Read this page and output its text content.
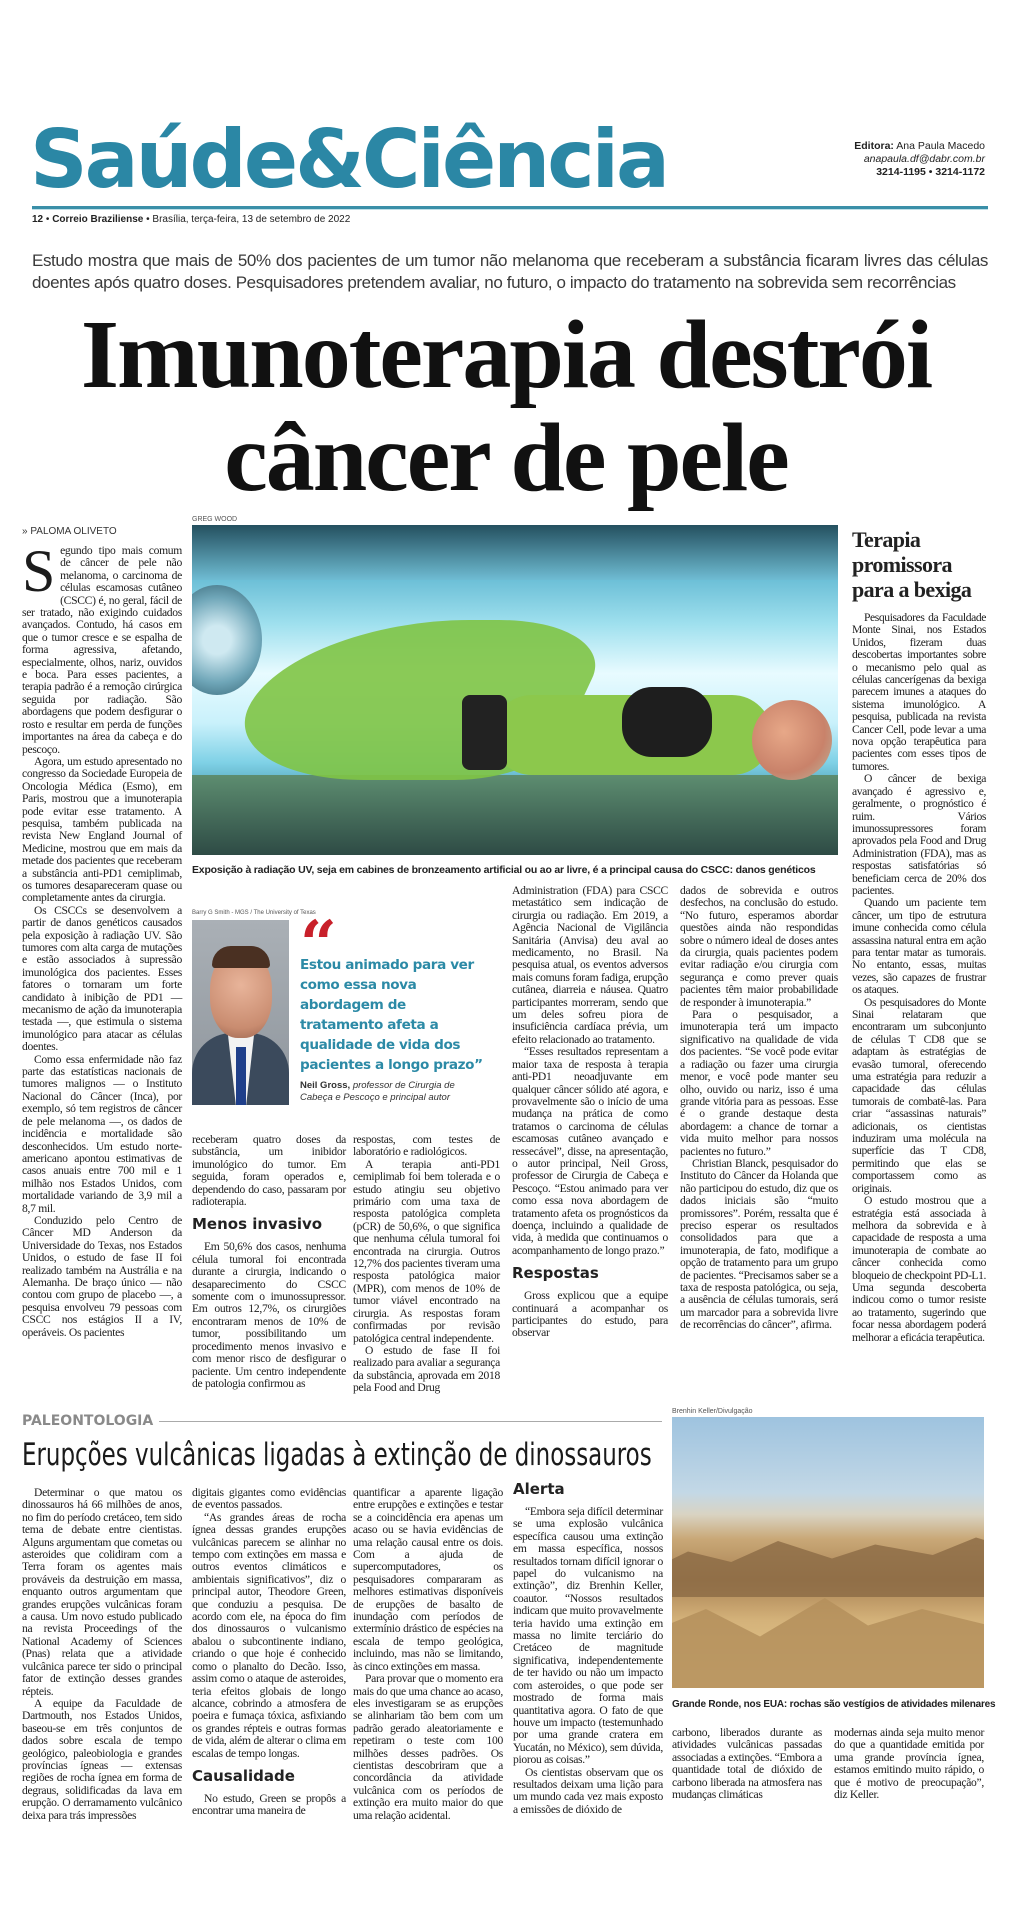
Saúde&Ciência	Editora: Ana Paula Macedo
anapaula.df@dabr.com.br
3214-1195 • 3214-1172
12 • Correio Braziliense • Brasília, terça-feira, 13 de setembro de 2022
Estudo mostra que mais de 50% dos pacientes de um tumor não melanoma que receberam a substância ficaram livres das células doentes após quatro doses. Pesquisadores pretendem avaliar, no futuro, o impacto do tratamento na sobrevida sem recorrências
Imunoterapia destrói
câncer de pele
» PALOMA OLIVETO

Segundo tipo mais comum de câncer de pele não melanoma, o carcinoma de células escamosas cutâneo (CSCC) é, no geral, fácil de ser tratado, não exigindo cuidados avançados. Contudo, há casos em que o tumor cresce e se espalha de forma agressiva, afetando, especialmente, olhos, nariz, ouvidos e boca. Para esses pacientes, a terapia padrão é a remoção cirúrgica seguida por radiação. São abordagens que podem desfigurar o rosto e resultar em perda de funções importantes na área da cabeça e do pescoço.

Agora, um estudo apresentado no congresso da Sociedade Europeia de Oncologia Médica (Esmo), em Paris, mostrou que a imunoterapia pode evitar esse tratamento. A pesquisa, também publicada na revista New England Journal of Medicine, mostrou que em mais da metade dos pacientes que receberam a substância anti-PD1 cemiplimab, os tumores desapareceram quase ou completamente antes da cirurgia.

Os CSCCs se desenvolvem a partir de danos genéticos causados pela exposição à radiação UV. São tumores com alta carga de mutações e estão associados à supressão imunológica dos pacientes. Esses fatores o tornaram um forte candidato à inibição de PD1 — mecanismo de ação da imunoterapia testada —, que estimula o sistema imunológico para atacar as células doentes.

Como essa enfermidade não faz parte das estatísticas nacionais de tumores malignos — o Instituto Nacional do Câncer (Inca), por exemplo, só tem registros de câncer de pele melanoma —, os dados de incidência e mortalidade são desconhecidos. Um estudo norte-americano apontou estimativas de casos anuais entre 700 mil e 1 milhão nos Estados Unidos, com mortalidade variando de 3,9 mil a 8,7 mil.

Conduzido pelo Centro de Câncer MD Anderson da Universidade do Texas, nos Estados Unidos, o estudo de fase II foi realizado também na Austrália e na Alemanha. De braço único — não contou com grupo de placebo —, a pesquisa envolveu 79 pessoas com CSCC nos estágios II a IV, operáveis. Os pacientes

GREG WOOD
Exposição à radiação UV, seja em cabines de bronzeamento artificial ou ao ar livre, é a principal causa do CSCC: danos genéticos
Barry G Smith - MGS / The University of Texas
“
Estou animado para ver como essa nova abordagem de tratamento afeta a qualidade de vida dos pacientes a longo prazo”
Neil Gross, professor de Cirurgia de Cabeça e Pescoço e principal autor

receberam quatro doses da substância, um inibidor imunológico do tumor. Em seguida, foram operados e, dependendo do caso, passaram por radioterapia.

Menos invasivo

Em 50,6% dos casos, nenhuma célula tumoral foi encontrada durante a cirurgia, indicando o desaparecimento do CSCC somente com o imunossupressor. Em outros 12,7%, os cirurgiões encontraram menos de 10% de tumor, possibilitando um procedimento menos invasivo e com menor risco de desfigurar o paciente. Um centro independente de patologia confirmou as

respostas, com testes de laboratório e radiológicos.

A terapia anti-PD1 cemiplimab foi bem tolerada e o estudo atingiu seu objetivo primário com uma taxa de resposta patológica completa (pCR) de 50,6%, o que significa que nenhuma célula tumoral foi encontrada na cirurgia. Outros 12,7% dos pacientes tiveram uma resposta patológica maior (MPR), com menos de 10% de tumor viável encontrado na cirurgia. As respostas foram confirmadas por revisão patológica central independente.

O estudo de fase II foi realizado para avaliar a segurança da substância, aprovada em 2018 pela Food and Drug

Administration (FDA) para CSCC metastático sem indicação de cirurgia ou radiação. Em 2019, a Agência Nacional de Vigilância Sanitária (Anvisa) deu aval ao medicamento, no Brasil. Na pesquisa atual, os eventos adversos mais comuns foram fadiga, erupção cutânea, diarreia e náusea. Quatro participantes morreram, sendo que um deles sofreu piora de insuficiência cardíaca prévia, um efeito relacionado ao tratamento.

“Esses resultados representam a maior taxa de resposta à terapia anti-PD1 neoadjuvante em qualquer câncer sólido até agora, e provavelmente são o início de uma mudança na prática de como tratamos o carcinoma de células escamosas cutâneo avançado e ressecável”, disse, na apresentação, o autor principal, Neil Gross, professor de Cirurgia de Cabeça e Pescoço. “Estou animado para ver como essa nova abordagem de tratamento afeta os prognósticos da doença, incluindo a qualidade de vida, à medida que continuamos o acompanhamento de longo prazo.”

Respostas

Gross explicou que a equipe continuará a acompanhar os participantes do estudo, para observar

dados de sobrevida e outros desfechos, na conclusão do estudo. “No futuro, esperamos abordar questões ainda não respondidas sobre o número ideal de doses antes da cirurgia, quais pacientes podem evitar radiação e/ou cirurgia com segurança e como prever quais pacientes têm maior probabilidade de responder à imunoterapia.”

Para o pesquisador, a imunoterapia terá um impacto significativo na qualidade de vida dos pacientes. “Se você pode evitar a radiação ou fazer uma cirurgia menor, e você pode manter seu olho, ouvido ou nariz, isso é uma grande vitória para as pessoas. Esse é o grande destaque desta abordagem: a chance de tornar a vida muito melhor para nossos pacientes no futuro.”

Christian Blanck, pesquisador do Instituto do Câncer da Holanda que não participou do estudo, diz que os dados iniciais são “muito promissores”. Porém, ressalta que é preciso esperar os resultados consolidados para que a imunoterapia, de fato, modifique a opção de tratamento para um grupo de pacientes. “Precisamos saber se a taxa de resposta patológica, ou seja, a ausência de células tumorais, será um marcador para a sobrevida livre de recorrências do câncer”, afirma.

Terapia promissora para a bexiga

Pesquisadores da Faculdade Monte Sinai, nos Estados Unidos, fizeram duas descobertas importantes sobre o mecanismo pelo qual as células cancerígenas da bexiga parecem imunes a ataques do sistema imunológico. A pesquisa, publicada na revista Cancer Cell, pode levar a uma nova opção terapêutica para pacientes com esses tipos de tumores.

O câncer de bexiga avançado é agressivo e, geralmente, o prognóstico é ruim. Vários imunossupressores foram aprovados pela Food and Drug Administration (FDA), mas as respostas satisfatórias só beneficiam cerca de 20% dos pacientes.

Quando um paciente tem câncer, um tipo de estrutura imune conhecida como célula assassina natural entra em ação para tentar matar as tumorais. No entanto, essas, muitas vezes, são capazes de frustrar os ataques.

Os pesquisadores do Monte Sinai relataram que encontraram um subconjunto de células T CD8 que se adaptam às estratégias de evasão tumoral, oferecendo uma estratégia para reduzir a capacidade das células tumorais de combatê-las. Para criar “assassinas naturais” adicionais, os cientistas induziram uma molécula na superfície das T CD8, permitindo que elas se comportassem como as originais.

O estudo mostrou que a estratégia está associada à melhora da sobrevida e à capacidade de resposta a uma imunoterapia de combate ao câncer conhecida como bloqueio de checkpoint PD-L1. Uma segunda descoberta indicou como o tumor resiste ao tratamento, sugerindo que focar nessa abordagem poderá melhorar a eficácia terapêutica.

PALEONTOLOGIA
Erupções vulcânicas ligadas à extinção de dinossauros

Determinar o que matou os dinossauros há 66 milhões de anos, no fim do período cretáceo, tem sido tema de debate entre cientistas. Alguns argumentam que cometas ou asteroides que colidiram com a Terra foram os agentes mais prováveis da destruição em massa, enquanto outros argumentam que grandes erupções vulcânicas foram a causa. Um novo estudo publicado na revista Proceedings of the National Academy of Sciences (Pnas) relata que a atividade vulcânica parece ter sido o principal fator de extinção desses grandes répteis.

A equipe da Faculdade de Dartmouth, nos Estados Unidos, baseou-se em três conjuntos de dados sobre escala de tempo geológico, paleobiologia e grandes províncias ígneas — extensas regiões de rocha ígnea em forma de degraus, solidificadas da lava em erupção. O derramamento vulcânico deixa para trás impressões

digitais gigantes como evidências de eventos passados.

“As grandes áreas de rocha ígnea dessas grandes erupções vulcânicas parecem se alinhar no tempo com extinções em massa e outros eventos climáticos e ambientais significativos”, diz o principal autor, Theodore Green, que conduziu a pesquisa. De acordo com ele, na época do fim dos dinossauros o vulcanismo abalou o subcontinente indiano, criando o que hoje é conhecido como o planalto do Decão. Isso, assim como o ataque de asteroides, teria efeitos globais de longo alcance, cobrindo a atmosfera de poeira e fumaça tóxica, asfixiando os grandes répteis e outras formas de vida, além de alterar o clima em escalas de tempo longas.

Causalidade

No estudo, Green se propôs a encontrar uma maneira de

quantificar a aparente ligação entre erupções e extinções e testar se a coincidência era apenas um acaso ou se havia evidências de uma relação causal entre os dois. Com a ajuda de supercomputadores, os pesquisadores compararam as melhores estimativas disponíveis de erupções de basalto de inundação com períodos de extermínio drástico de espécies na escala de tempo geológica, incluindo, mas não se limitando, às cinco extinções em massa.

Para provar que o momento era mais do que uma chance ao acaso, eles investigaram se as erupções se alinhariam tão bem com um padrão gerado aleatoriamente e repetiram o teste com 100 milhões desses padrões. Os cientistas descobriram que a concordância da atividade vulcânica com os períodos de extinção era muito maior do que uma relação acidental.

Alerta

“Embora seja difícil determinar se uma explosão vulcânica específica causou uma extinção em massa específica, nossos resultados tornam difícil ignorar o papel do vulcanismo na extinção”, diz Brenhin Keller, coautor. “Nossos resultados indicam que muito provavelmente teria havido uma extinção em massa no limite terciário do Cretáceo de magnitude significativa, independentemente de ter havido ou não um impacto com asteroides, o que pode ser mostrado de forma mais quantitativa agora. O fato de que houve um impacto (testemunhado por uma grande cratera em Yucatán, no México), sem dúvida, piorou as coisas.”

Os cientistas observam que os resultados deixam uma lição para um mundo cada vez mais exposto a emissões de dióxido de

Brenhin Keller/Divulgação
Grande Ronde, nos EUA: rochas são vestígios de atividades milenares

carbono, liberados durante as atividades vulcânicas passadas associadas a extinções. “Embora a quantidade total de dióxido de carbono liberada na atmosfera nas mudanças climáticas

modernas ainda seja muito menor do que a quantidade emitida por uma grande província ígnea, estamos emitindo muito rápido, o que é motivo de preocupação”, diz Keller.
